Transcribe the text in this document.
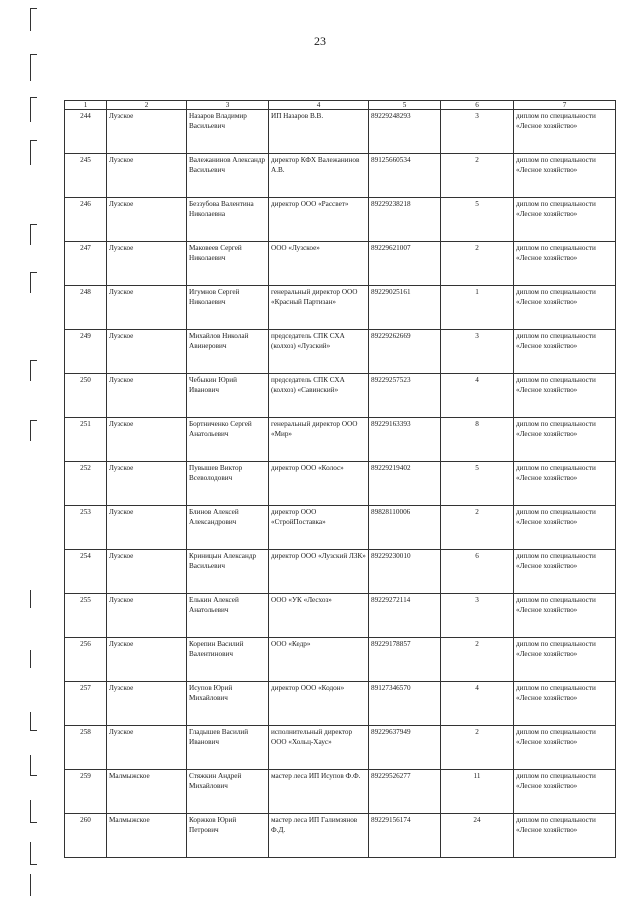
23
1	2	3	4	5	6	7
244	Лузское	Назаров Владимир Васильевич	ИП Назаров В.В.	89229248293	3	диплом по специальности «Лесное хозяйство»
245	Лузское	Валежанинов Александр Васильевич	директор КФХ Валежанинов А.В.	89125660534	2	диплом по специальности «Лесное хозяйство»
246	Лузское	Беззубова Валентина Николаевна	директор ООО «Рассвет»	89229238218	5	диплом по специальности «Лесное хозяйство»
247	Лузское	Маковеев Сергей Николаевич	ООО «Лузское»	89229621007	2	диплом по специальности «Лесное хозяйство»
248	Лузское	Игумнов Сергей Николаевич	генеральный директор ООО «Красный Партизан»	89229025161	1	диплом по специальности «Лесное хозяйство»
249	Лузское	Михайлов Николай Авинерович	председатель СПК СХА (колхоз) «Лузский»	89229262669	3	диплом по специальности «Лесное хозяйство»
250	Лузское	Чебыкин Юрий Иванович	председатель СПК СХА (колхоз) «Савинский»	89229257523	4	диплом по специальности «Лесное хозяйство»
251	Лузское	Бортниченко Сергей Анатольевич	генеральный директор ООО «Мир»	89229163393	8	диплом по специальности «Лесное хозяйство»
252	Лузское	Пувышев Виктор Всеволодович	директор ООО «Колос»	89229219402	5	диплом по специальности «Лесное хозяйство»
253	Лузское	Блинов Алексей Александрович	директор ООО «СтройПоставка»	89828110006	2	диплом по специальности «Лесное хозяйство»
254	Лузское	Криницын Александр Васильевич	директор ООО «Лузский ЛЗК»	89229230010	6	диплом по специальности «Лесное хозяйство»
255	Лузское	Елькин Алексей Анатольевич	ООО «УК «Лесхоз»	89229272114	3	диплом по специальности «Лесное хозяйство»
256	Лузское	Корепин Василий Валентинович	ООО «Кедр»	89229178857	2	диплом по специальности «Лесное хозяйство»
257	Лузское	Исупов Юрий Михайлович	директор ООО «Кодон»	89127346570	4	диплом по специальности «Лесное хозяйство»
258	Лузское	Гладышев Василий Иванович	исполнительный директор ООО «Хольц-Хаус»	89229637949	2	диплом по специальности «Лесное хозяйство»
259	Малмыжское	Стяжкин Андрей Михайлович	мастер леса ИП Исупов Ф.Ф.	89229526277	11	диплом по специальности «Лесное хозяйство»
260	Малмыжское	Коржков Юрий Петрович	мастер леса ИП Галимзянов Ф.Д.	89229156174	24	диплом по специальности «Лесное хозяйство»
